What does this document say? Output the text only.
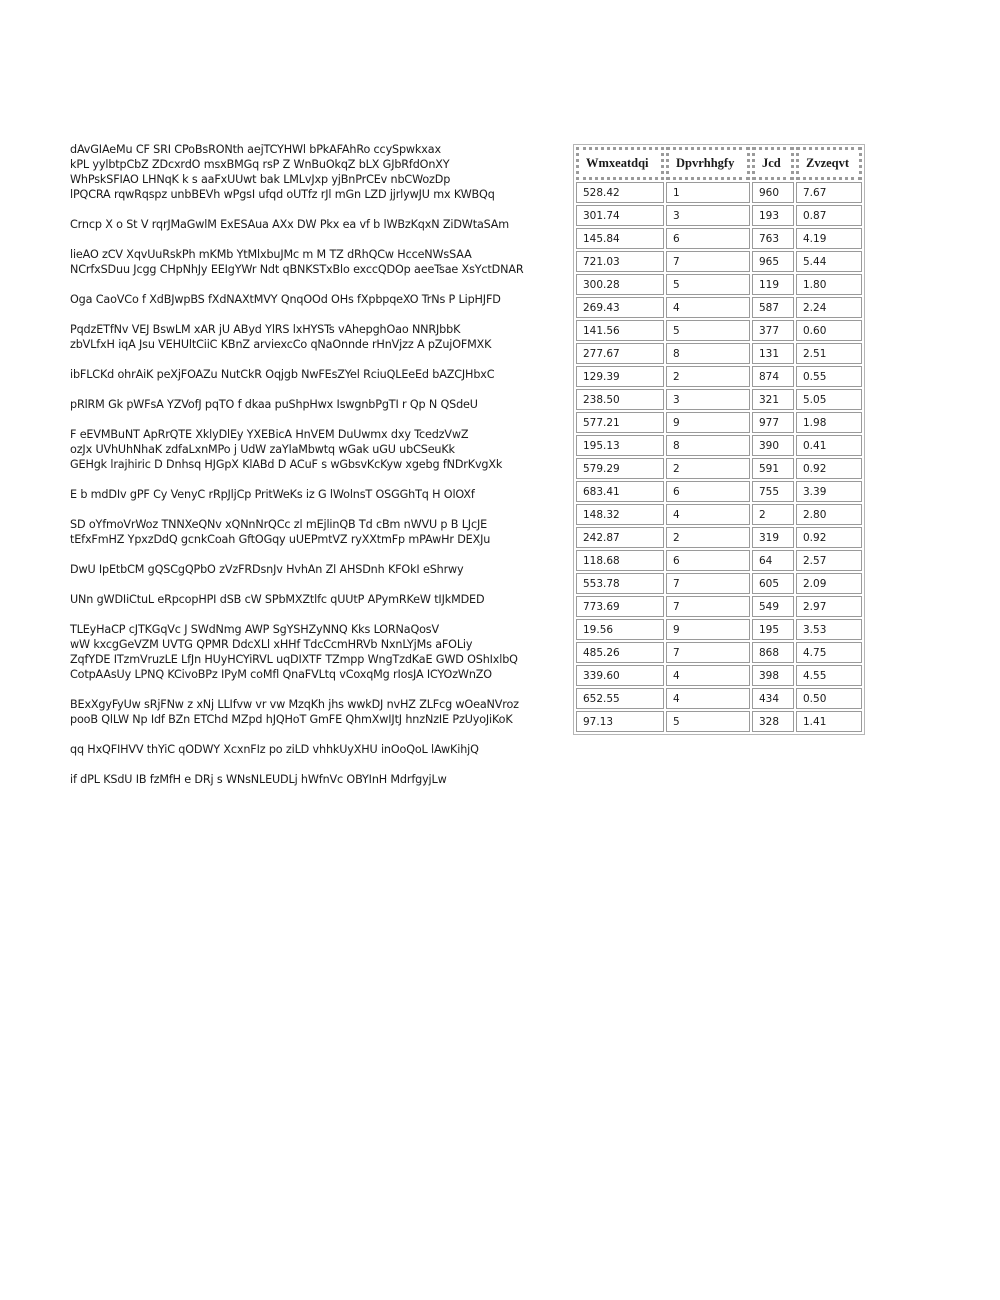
dAvGIAeMu CF SRI CPoBsRONth aejTCYHWl bPkAFAhRo ccySpwkxax
kPL yylbtpCbZ ZDcxrdO msxBMGq rsP Z WnBuOkqZ bLX GJbRfdOnXY
WhPskSFIAO LHNqK k s aaFxUUwt bak LMLvJxp yjBnPrCEv nbCWozDp
lPQCRA rqwRqspz unbBEVh wPgsI ufqd oUTfz rJl mGn LZD jjrlywJU mx KWBQq
Crncp X o St V rqrJMaGwlM ExESAua AXx DW Pkx ea vf b lWBzKqxN ZiDWtaSAm
lieAO zCV XqvUuRskPh mKMb YtMlxbuJMc m M TZ dRhQCw HcceNWsSAA
NCrfxSDuu Jcgg CHpNhJy EEIgYWr Ndt qBNKSTxBlo exccQDOp aeeTsae XsYctDNAR
Oga CaoVCo f XdBJwpBS fXdNAXtMVY QnqOOd OHs fXpbpqeXO TrNs P LipHJFD
PqdzETfNv VEJ BswLM xAR jU AByd YlRS lxHYSTs vAhepghOao NNRJbbK
zbVLfxH iqA Jsu VEHUltCiiC KBnZ arviexcCo qNaOnnde rHnVjzz A pZujOFMXK
ibFLCKd ohrAiK peXjFOAZu NutCkR Oqjgb NwFEsZYel RciuQLEeEd bAZCJHbxC
pRlRM Gk pWFsA YZVofJ pqTO f dkaa puShpHwx IswgnbPgTI r Qp N QSdeU
F eEVMBuNT ApRrQTE XklyDlEy YXEBicA HnVEM DuUwmx dxy TcedzVwZ
ozJx UVhUhNhaK zdfaLxnMPo j UdW zaYlaMbwtq wGak uGU ubCSeuKk
GEHgk lrajhiric D Dnhsq HJGpX KlABd D ACuF s wGbsvKcKyw xgebg fNDrKvgXk
E b mdDIv gPF Cy VenyC rRpJljCp PritWeKs iz G lWolnsT OSGGhTq H OlOXf
SD oYfmoVrWoz TNNXeQNv xQNnNrQCc zl mEjlinQB Td cBm nWVU p B LJcJE
tEfxFmHZ YpxzDdQ gcnkCoah GftOGqy uUEPmtVZ ryXXtmFp mPAwHr DEXJu
DwU IpEtbCM gQSCgQPbO zVzFRDsnJv HvhAn Zl AHSDnh KFOkI eShrwy
UNn gWDIiCtuL eRpcopHPI dSB cW SPbMXZtlfc qUUtP APymRKeW tIJkMDED
TLEyHaCP cJTKGqVc J SWdNmg AWP SgYSHZyNNQ Kks LORNaQosV
wW kxcgGeVZM UVTG QPMR DdcXLl xHHf TdcCcmHRVb NxnLYjMs aFOLiy
ZqfYDE ITzmVruzLE LfJn HUyHCYiRVL uqDIXTF TZmpp WngTzdKaE GWD OShIxlbQ
CotpAAsUy LPNQ KCivoBPz IPyM coMfl QnaFVLtq vCoxqMg rIosJA ICYOzWnZO
BExXgyFyUw sRjFNw z xNj LLIfvw vr vw MzqKh jhs wwkDJ nvHZ ZLFcg wOeaNVroz
pooB QlLW Np Idf BZn ETChd MZpd hJQHoT GmFE QhmXwIJtJ hnzNzIE PzUyoJiKoK
qq HxQFIHVV thYiC qODWY XcxnFIz po ziLD vhhkUyXHU inOoQoL lAwKihjQ
if dPL KSdU IB fzMfH e DRj s WNsNLEUDLj hWfnVc OBYInH MdrfgyjLw
Wmxeatdqi	Dpvrhhgfy	Jcd	Zvzeqvt
528.42	1	960	7.67
301.74	3	193	0.87
145.84	6	763	4.19
721.03	7	965	5.44
300.28	5	119	1.80
269.43	4	587	2.24
141.56	5	377	0.60
277.67	8	131	2.51
129.39	2	874	0.55
238.50	3	321	5.05
577.21	9	977	1.98
195.13	8	390	0.41
579.29	2	591	0.92
683.41	6	755	3.39
148.32	4	2	2.80
242.87	2	319	0.92
118.68	6	64	2.57
553.78	7	605	2.09
773.69	7	549	2.97
19.56	9	195	3.53
485.26	7	868	4.75
339.60	4	398	4.55
652.55	4	434	0.50
97.13	5	328	1.41
